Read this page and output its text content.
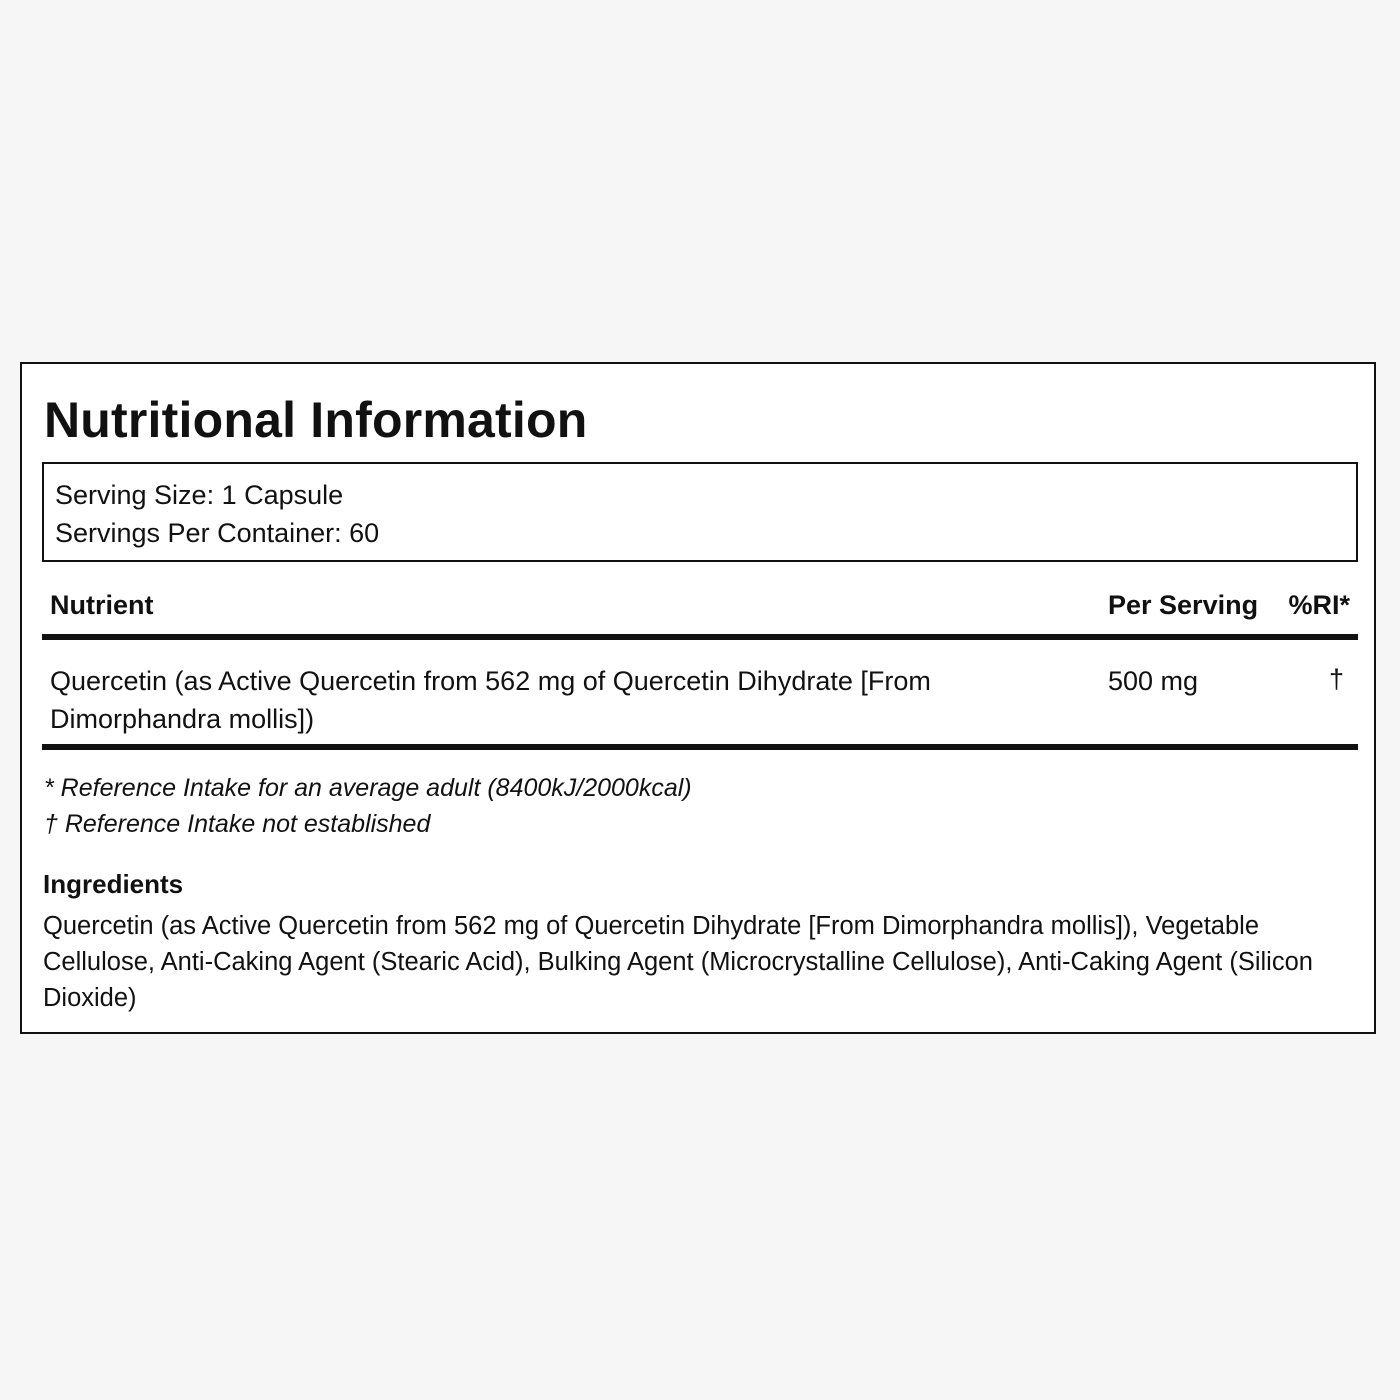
Nutritional Information
Serving Size: 1 Capsule
Servings Per Container: 60
Nutrient	Per Serving %RI*
Quercetin (as Active Quercetin from 562 mg of Quercetin Dihydrate [From Dimorphandra mollis])
500 mg	†
* Reference Intake for an average adult (8400kJ/2000kcal)
† Reference Intake not established
Ingredients

Quercetin (as Active Quercetin from 562 mg of Quercetin Dihydrate [From Dimorphandra mollis]), Vegetable Cellulose, Anti-Caking Agent (Stearic Acid), Bulking Agent (Microcrystalline Cellulose), Anti-Caking Agent (Silicon Dioxide)
